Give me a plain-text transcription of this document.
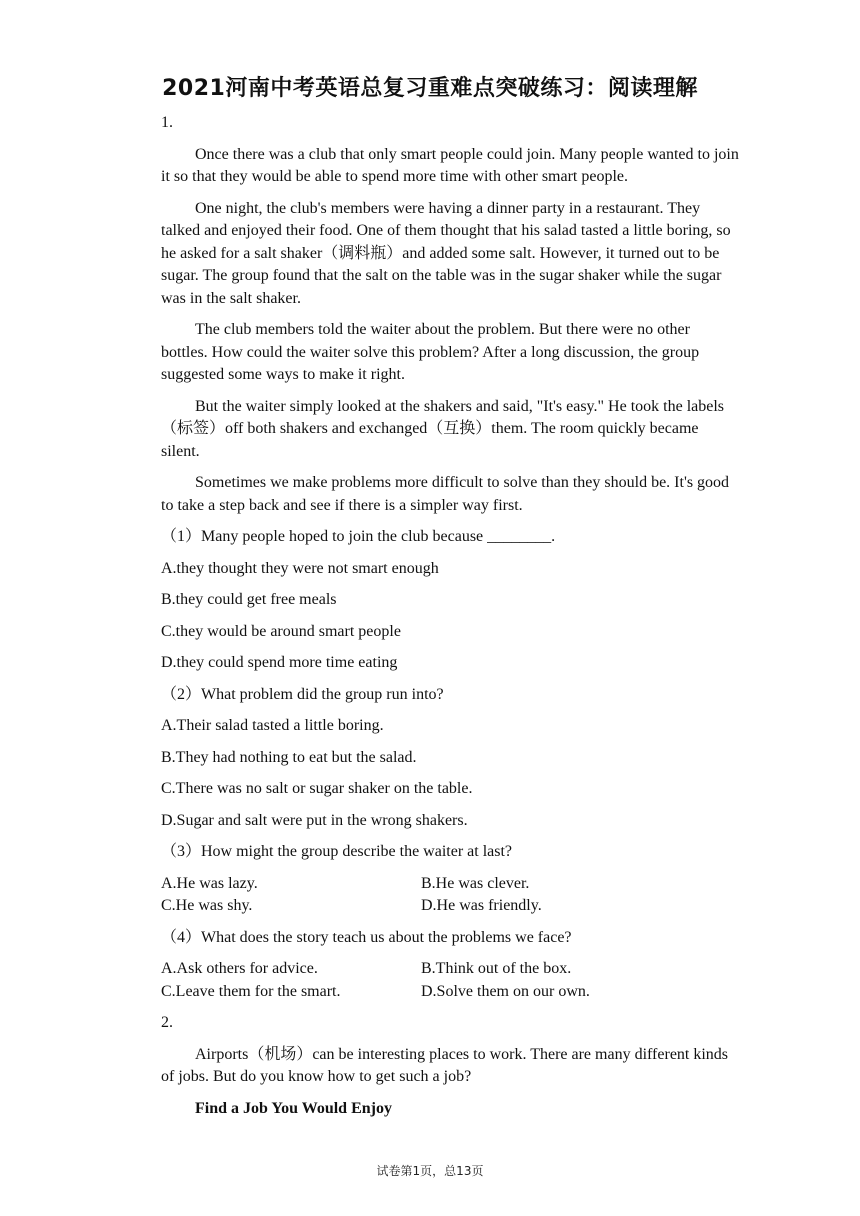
2021河南中考英语总复习重难点突破练习：阅读理解
1.

Once there was a club that only smart people could join. Many people wanted to join it so that they would be able to spend more time with other smart people.

One night, the club's members were having a dinner party in a restaurant. They talked and enjoyed their food. One of them thought that his salad tasted a little boring, so he asked for a salt shaker（调料瓶）and added some salt. However, it turned out to be sugar. The group found that the salt on the table was in the sugar shaker while the sugar was in the salt shaker.

The club members told the waiter about the problem. But there were no other bottles. How could the waiter solve this problem? After a long discussion, the group suggested some ways to make it right.

But the waiter simply looked at the shakers and said, "It's easy." He took the labels（标签）off both shakers and exchanged（互换）them. The room quickly became silent.

Sometimes we make problems more difficult to solve than they should be. It's good to take a step back and see if there is a simpler way first.

（1）Many people hoped to join the club because ________.
A.they thought they were not smart enough
B.they could get free meals
C.they would be around smart people
D.they could spend more time eating
（2）What problem did the group run into?
A.Their salad tasted a little boring.
B.They had nothing to eat but the salad.
C.There was no salt or sugar shaker on the table.
D.Sugar and salt were put in the wrong shakers.
（3）How might the group describe the waiter at last?
A.He was lazy.	B.He was clever.
C.He was shy.	D.He was friendly.
（4）What does the story teach us about the problems we face?
A.Ask others for advice.	B.Think out of the box.
C.Leave them for the smart.	D.Solve them on our own.
2.

Airports（机场）can be interesting places to work. There are many different kinds of jobs. But do you know how to get such a job?

Find a Job You Would Enjoy

试卷第1页，总13页
